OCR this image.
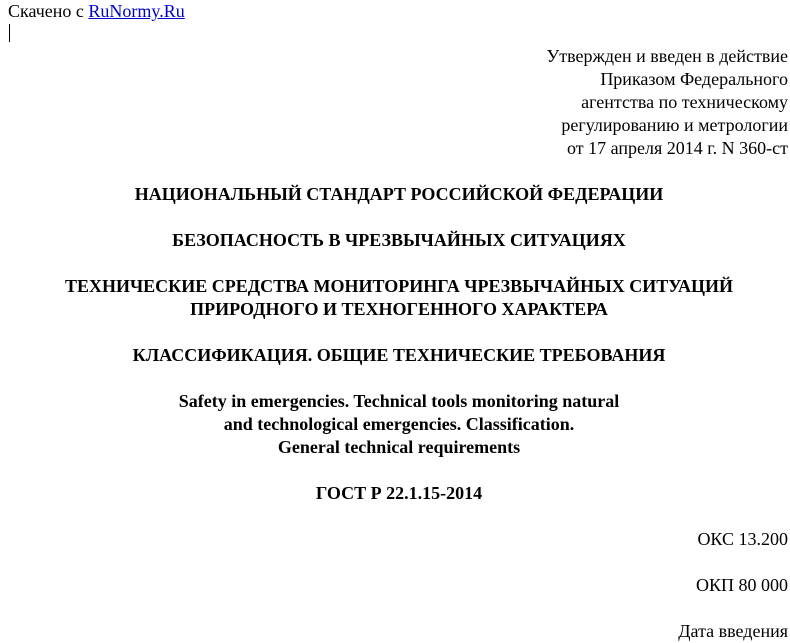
Скачено с RuNormy.Ru
Утвержден и введен в действие
Приказом Федерального
агентства по техническому
регулированию и метрологии
от 17 апреля 2014 г. N 360-ст
НАЦИОНАЛЬНЫЙ СТАНДАРТ РОССИЙСКОЙ ФЕДЕРАЦИИ
БЕЗОПАСНОСТЬ В ЧРЕЗВЫЧАЙНЫХ СИТУАЦИЯХ
ТЕХНИЧЕСКИЕ СРЕДСТВА МОНИТОРИНГА ЧРЕЗВЫЧАЙНЫХ СИТУАЦИЙ
ПРИРОДНОГО И ТЕХНОГЕННОГО ХАРАКТЕРА
КЛАССИФИКАЦИЯ. ОБЩИЕ ТЕХНИЧЕСКИЕ ТРЕБОВАНИЯ
Safety in emergencies. Technical tools monitoring natural
and technological emergencies. Classification.
General technical requirements
ГОСТ Р 22.1.15-2014
ОКС 13.200
ОКП 80 000
Дата введения
